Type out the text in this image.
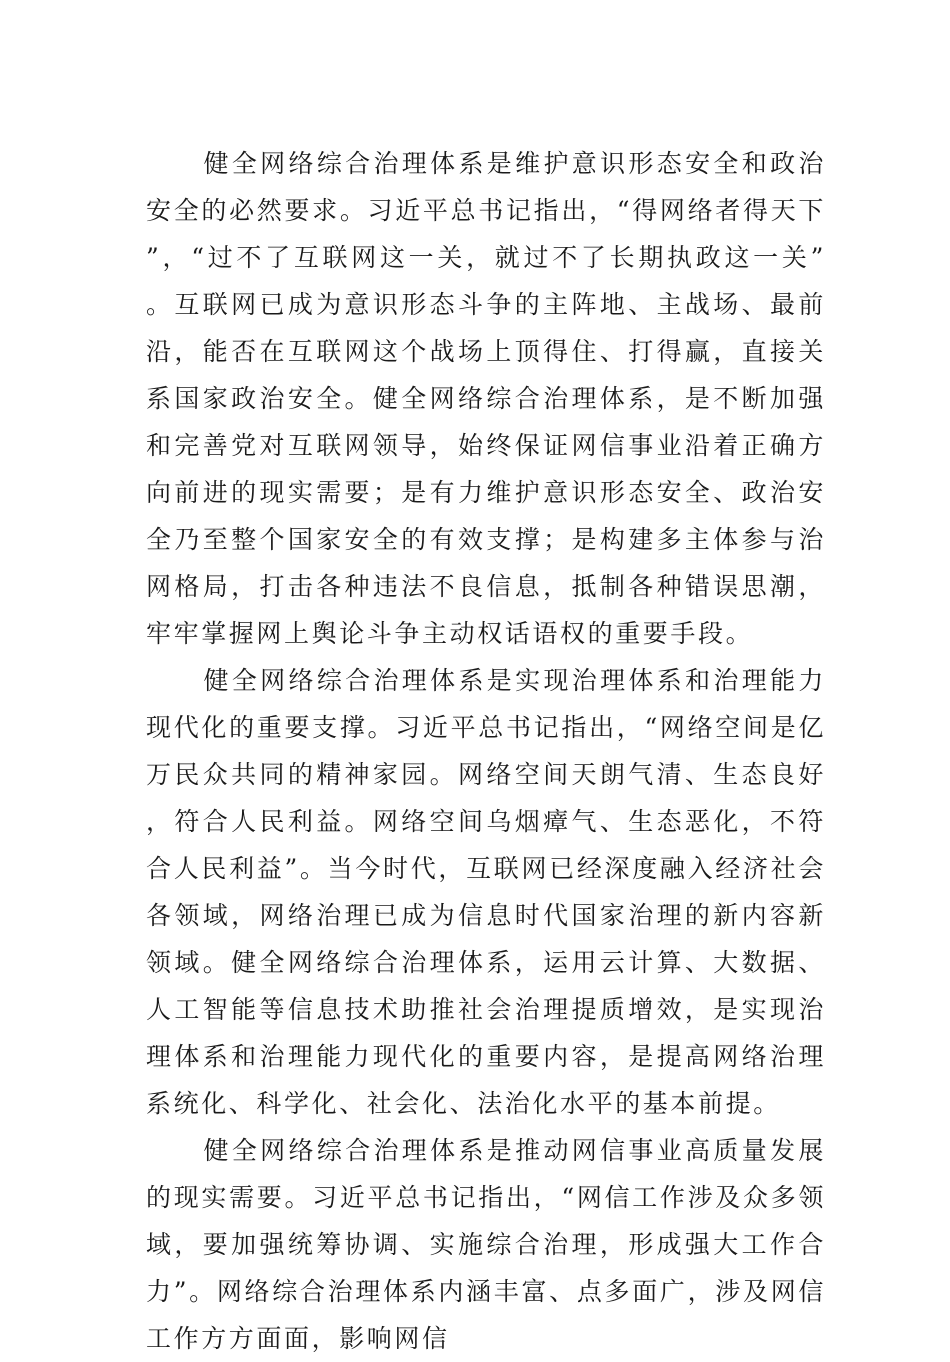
健全网络综合治理体系是维护意识形态安全和政治安全的必然要求。习近平总书记指出，“得网络者得天下”，“过不了互联网这一关，就过不了长期执政这一关”。互联网已成为意识形态斗争的主阵地、主战场、最前沿，能否在互联网这个战场上顶得住、打得赢，直接关系国家政治安全。健全网络综合治理体系，是不断加强和完善党对互联网领导，始终保证网信事业沿着正确方向前进的现实需要；是有力维护意识形态安全、政治安全乃至整个国家安全的有效支撑；是构建多主体参与治网格局，打击各种违法不良信息，抵制各种错误思潮，牢牢掌握网上舆论斗争主动权话语权的重要手段。

健全网络综合治理体系是实现治理体系和治理能力现代化的重要支撑。习近平总书记指出，“网络空间是亿万民众共同的精神家园。网络空间天朗气清、生态良好，符合人民利益。网络空间乌烟瘴气、生态恶化，不符合人民利益”。当今时代，互联网已经深度融入经济社会各领域，网络治理已成为信息时代国家治理的新内容新领域。健全网络综合治理体系，运用云计算、大数据、人工智能等信息技术助推社会治理提质增效，是实现治理体系和治理能力现代化的重要内容，是提高网络治理系统化、科学化、社会化、法治化水平的基本前提。

健全网络综合治理体系是推动网信事业高质量发展的现实需要。习近平总书记指出，“网信工作涉及众多领域，要加强统筹协调、实施综合治理，形成强大工作合力”。网络综合治理体系内涵丰富、点多面广，涉及网信工作方方面面，影响网信
